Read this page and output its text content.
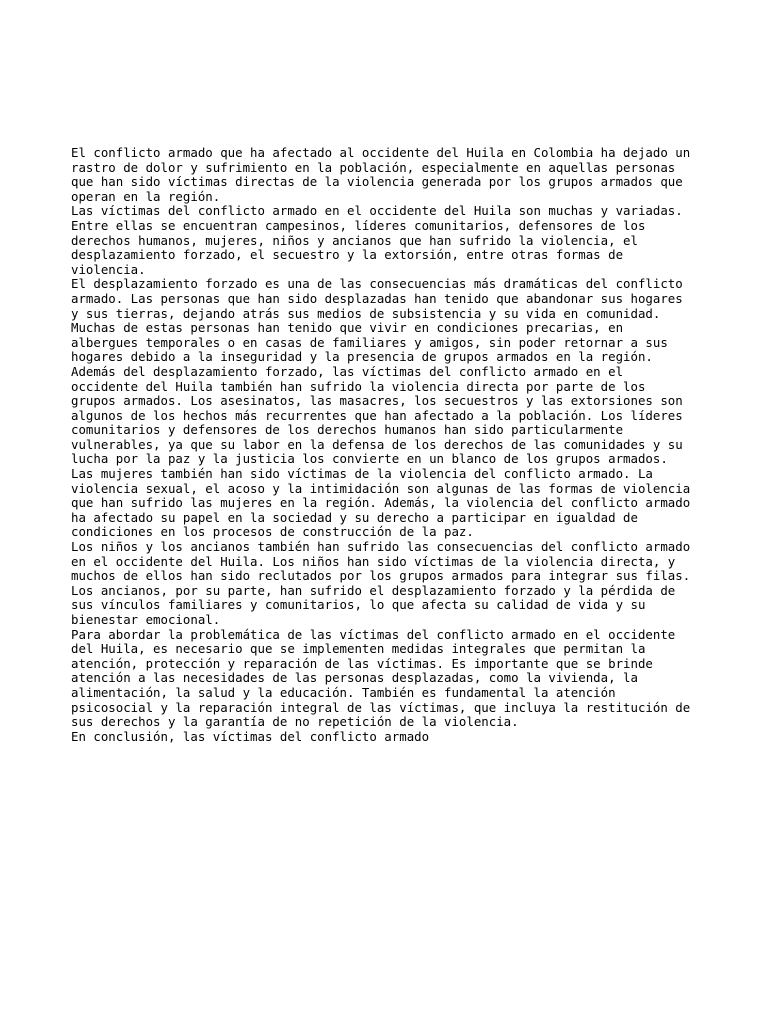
El conflicto armado que ha afectado al occidente del Huila en Colombia ha dejado un
rastro de dolor y sufrimiento en la población, especialmente en aquellas personas
que han sido víctimas directas de la violencia generada por los grupos armados que
operan en la región.
Las víctimas del conflicto armado en el occidente del Huila son muchas y variadas.
Entre ellas se encuentran campesinos, líderes comunitarios, defensores de los
derechos humanos, mujeres, niños y ancianos que han sufrido la violencia, el
desplazamiento forzado, el secuestro y la extorsión, entre otras formas de
violencia.
El desplazamiento forzado es una de las consecuencias más dramáticas del conflicto
armado. Las personas que han sido desplazadas han tenido que abandonar sus hogares
y sus tierras, dejando atrás sus medios de subsistencia y su vida en comunidad.
Muchas de estas personas han tenido que vivir en condiciones precarias, en
albergues temporales o en casas de familiares y amigos, sin poder retornar a sus
hogares debido a la inseguridad y la presencia de grupos armados en la región.
Además del desplazamiento forzado, las víctimas del conflicto armado en el
occidente del Huila también han sufrido la violencia directa por parte de los
grupos armados. Los asesinatos, las masacres, los secuestros y las extorsiones son
algunos de los hechos más recurrentes que han afectado a la población. Los líderes
comunitarios y defensores de los derechos humanos han sido particularmente
vulnerables, ya que su labor en la defensa de los derechos de las comunidades y su
lucha por la paz y la justicia los convierte en un blanco de los grupos armados.
Las mujeres también han sido víctimas de la violencia del conflicto armado. La
violencia sexual, el acoso y la intimidación son algunas de las formas de violencia
que han sufrido las mujeres en la región. Además, la violencia del conflicto armado
ha afectado su papel en la sociedad y su derecho a participar en igualdad de
condiciones en los procesos de construcción de la paz.
Los niños y los ancianos también han sufrido las consecuencias del conflicto armado
en el occidente del Huila. Los niños han sido víctimas de la violencia directa, y
muchos de ellos han sido reclutados por los grupos armados para integrar sus filas.
Los ancianos, por su parte, han sufrido el desplazamiento forzado y la pérdida de
sus vínculos familiares y comunitarios, lo que afecta su calidad de vida y su
bienestar emocional.
Para abordar la problemática de las víctimas del conflicto armado en el occidente
del Huila, es necesario que se implementen medidas integrales que permitan la
atención, protección y reparación de las víctimas. Es importante que se brinde
atención a las necesidades de las personas desplazadas, como la vivienda, la
alimentación, la salud y la educación. También es fundamental la atención
psicosocial y la reparación integral de las víctimas, que incluya la restitución de
sus derechos y la garantía de no repetición de la violencia.
En conclusión, las víctimas del conflicto armado
